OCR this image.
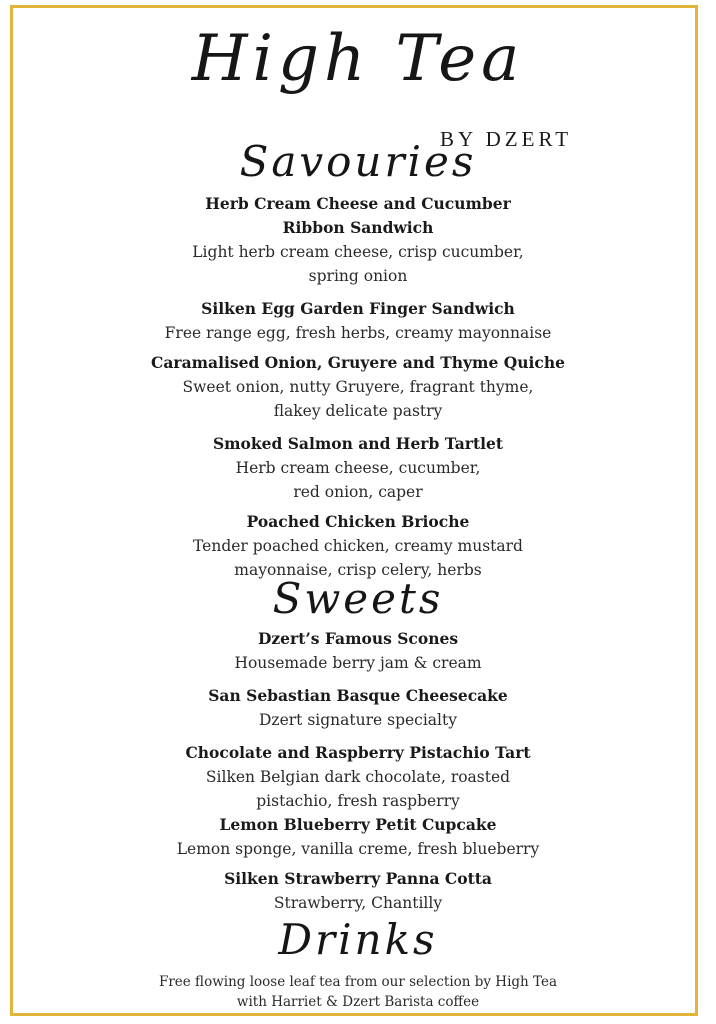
High Tea
BY DZERT
Savouries
Herb Cream Cheese and Cucumber Ribbon Sandwich
Light herb cream cheese, crisp cucumber, spring onion
Silken Egg Garden Finger Sandwich
Free range egg, fresh herbs, creamy mayonnaise
Caramalised Onion, Gruyere and Thyme Quiche
Sweet onion, nutty Gruyere, fragrant thyme, flakey delicate pastry
Smoked Salmon and Herb Tartlet
Herb cream cheese, cucumber, red onion, caper
Poached Chicken Brioche
Tender poached chicken, creamy mustard mayonnaise, crisp celery, herbs
Sweets
Dzert’s Famous Scones
Housemade berry jam & cream
San Sebastian Basque Cheesecake
Dzert signature specialty
Chocolate and Raspberry Pistachio Tart
Silken Belgian dark chocolate, roasted pistachio, fresh raspberry
Lemon Blueberry Petit Cupcake
Lemon sponge, vanilla creme, fresh blueberry
Silken Strawberry Panna Cotta
Strawberry, Chantilly
Drinks
Free flowing loose leaf tea from our selection by High Tea with Harriet & Dzert Barista coffee
